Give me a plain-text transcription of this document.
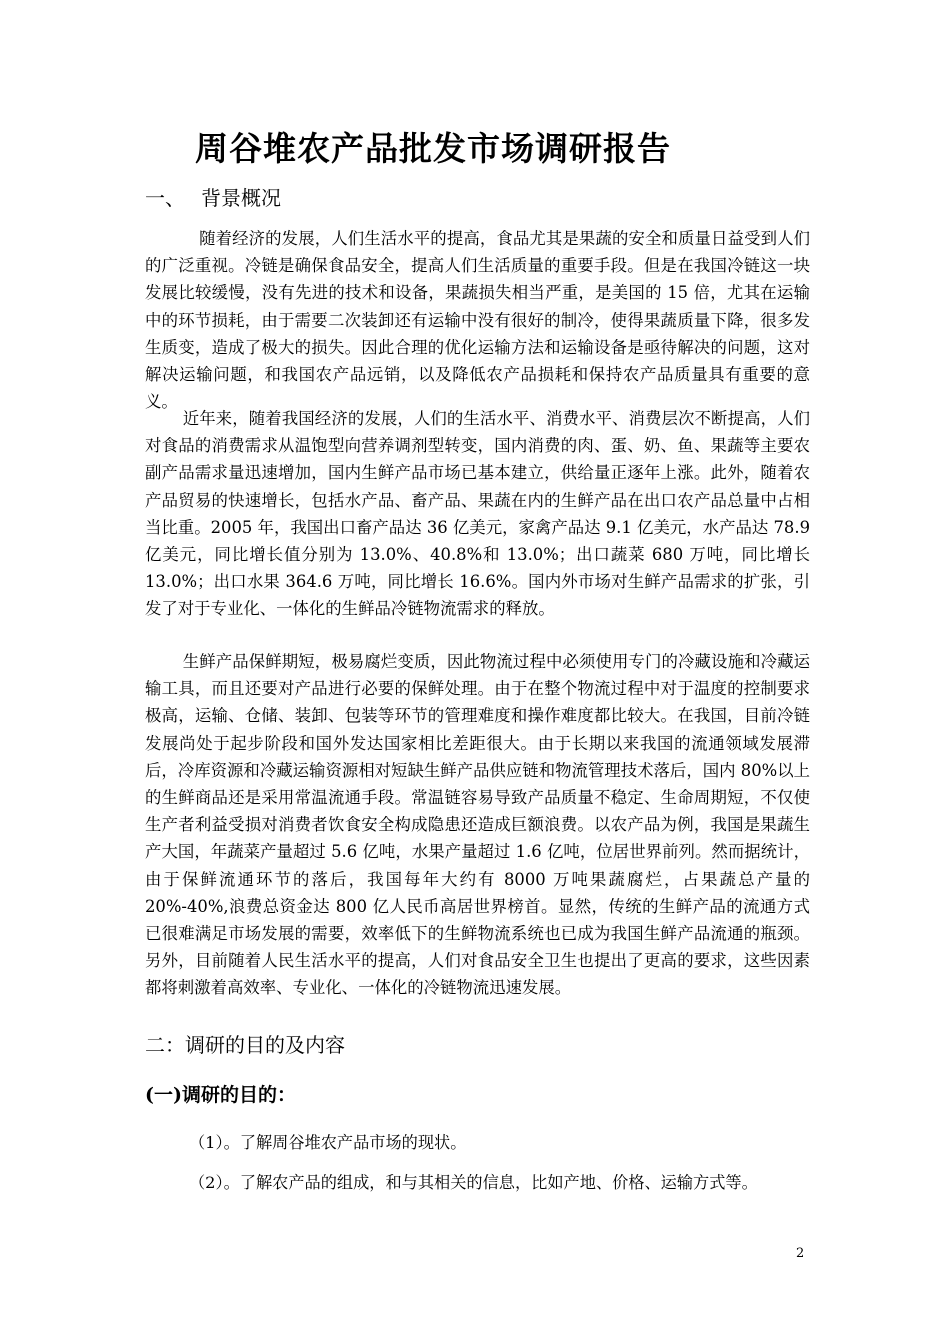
周谷堆农产品批发市场调研报告
一、 背景概况

随着经济的发展，人们生活水平的提高，食品尤其是果蔬的安全和质量日益受到人们的广泛重视。冷链是确保食品安全，提高人们生活质量的重要手段。但是在我国冷链这一块发展比较缓慢，没有先进的技术和设备，果蔬损失相当严重，是美国的 15 倍，尤其在运输中的环节损耗，由于需要二次装卸还有运输中没有很好的制冷，使得果蔬质量下降，很多发生质变，造成了极大的损失。因此合理的优化运输方法和运输设备是亟待解决的问题，这对解决运输问题，和我国农产品远销，以及降低农产品损耗和保持农产品质量具有重要的意义。

近年来，随着我国经济的发展，人们的生活水平、消费水平、消费层次不断提高，人们对食品的消费需求从温饱型向营养调剂型转变，国内消费的肉、蛋、奶、鱼、果蔬等主要农副产品需求量迅速增加，国内生鲜产品市场已基本建立，供给量正逐年上涨。此外，随着农产品贸易的快速增长，包括水产品、畜产品、果蔬在内的生鲜产品在出口农产品总量中占相当比重。2005 年，我国出口畜产品达 36 亿美元，家禽产品达 9.1 亿美元，水产品达 78.9 亿美元，同比增长值分别为 13.0%、40.8%和 13.0%；出口蔬菜 680 万吨，同比增长 13.0%；出口水果 364.6 万吨，同比增长 16.6%。国内外市场对生鲜产品需求的扩张，引发了对于专业化、一体化的生鲜品冷链物流需求的释放。

生鲜产品保鲜期短，极易腐烂变质，因此物流过程中必须使用专门的冷藏设施和冷藏运输工具，而且还要对产品进行必要的保鲜处理。由于在整个物流过程中对于温度的控制要求极高，运输、仓储、装卸、包装等环节的管理难度和操作难度都比较大。在我国，目前冷链发展尚处于起步阶段和国外发达国家相比差距很大。由于长期以来我国的流通领域发展滞后，冷库资源和冷藏运输资源相对短缺生鲜产品供应链和物流管理技术落后，国内 80%以上的生鲜商品还是采用常温流通手段。常温链容易导致产品质量不稳定、生命周期短，不仅使生产者利益受损对消费者饮食安全构成隐患还造成巨额浪费。以农产品为例，我国是果蔬生产大国，年蔬菜产量超过 5.6 亿吨，水果产量超过 1.6 亿吨，位居世界前列。然而据统计，由于保鲜流通环节的落后，我国每年大约有 8000 万吨果蔬腐烂，占果蔬总产量的 20%-40%,浪费总资金达 800 亿人民币高居世界榜首。显然，传统的生鲜产品的流通方式已很难满足市场发展的需要，效率低下的生鲜物流系统也已成为我国生鲜产品流通的瓶颈。另外，目前随着人民生活水平的提高，人们对食品安全卫生也提出了更高的要求，这些因素都将刺激着高效率、专业化、一体化的冷链物流迅速发展。

二：调研的目的及内容
(一)调研的目的：

（1）。了解周谷堆农产品市场的现状。

（2）。了解农产品的组成，和与其相关的信息，比如产地、价格、运输方式等。

2
